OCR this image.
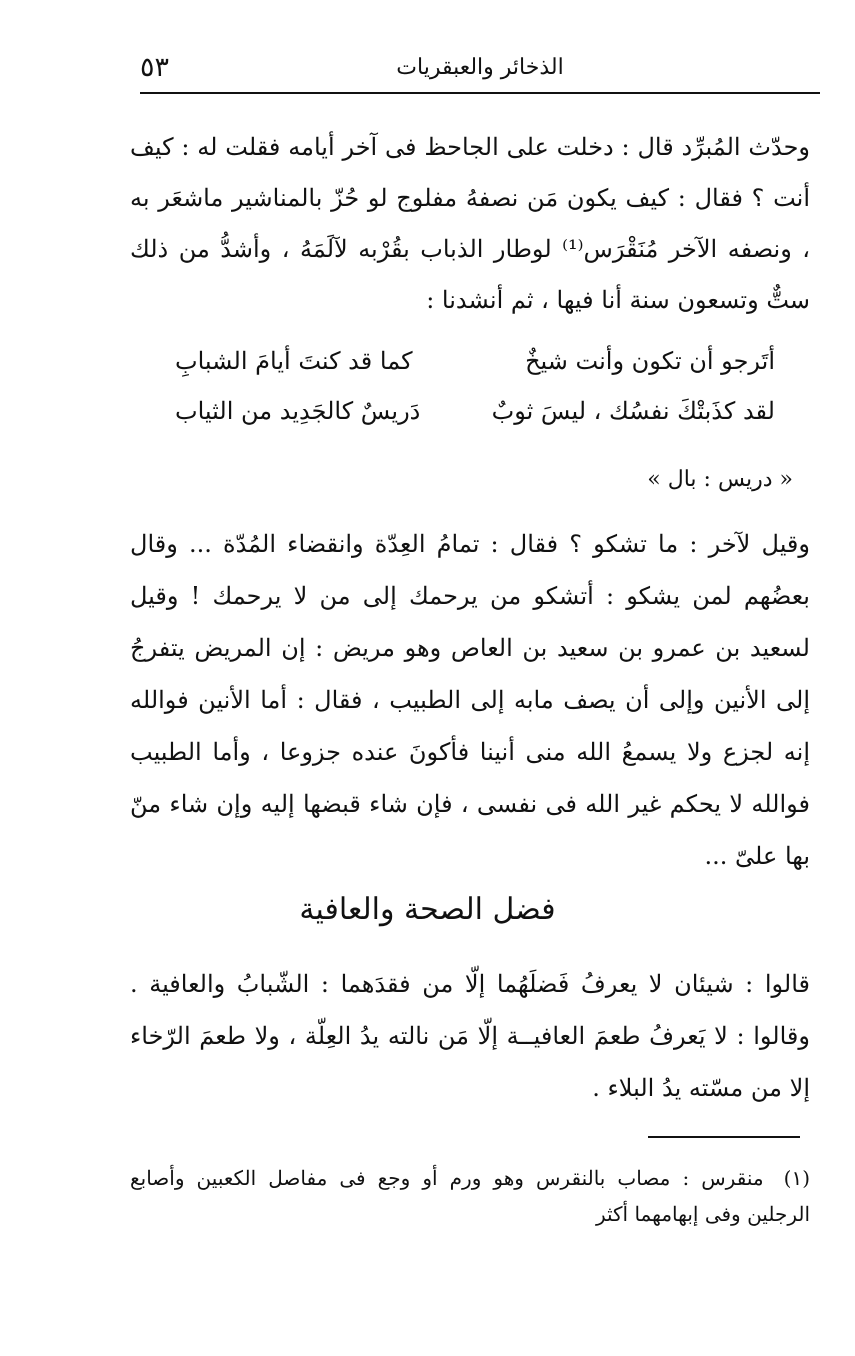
الذخائر والعبقريات
٥٣
وحدّث المُبرِّد قال : دخلت على الجاحظ فى آخر أيامه فقلت له : كيف أنت ؟ فقال : كيف يكون مَن نصفهُ مفلوج لو حُزّ بالمناشير ماشعَر به ، ونصفه الآخر مُنَقْرَس⁽¹⁾ لوطار الذباب بقُرْبه لآلَمَهُ ، وأشدُّ من ذلك ستٌّ وتسعون سنة أنا فيها ، ثم أنشدنا :
أتَرجو أن تكون وأنت شيخٌ
كما قد كنتَ أيامَ الشبابِ
لقد كذَبتْكَ نفسُك ، ليسَ ثوبٌ
دَريسٌ كالجَدِيد من الثياب
« دريس : بال »
وقيل لآخر : ما تشكو ؟ فقال : تمامُ العِدّة وانقضاء المُدّة ... وقال بعضُهم لمن يشكو : أتشكو من يرحمك إلى من لا يرحمك ! وقيل لسعيد بن عمرو بن سعيد بن العاص وهو مريض : إن المريض يتفرجُ إلى الأنين وإلى أن يصف مابه إلى الطبيب ، فقال : أما الأنين فوالله إنه لجزع ولا يسمعُ الله منى أنينا فأكونَ عنده جزوعا ، وأما الطبيب فوالله لا يحكم غير الله فى نفسى ، فإن شاء قبضها إليه وإن شاء منّ بها علىّ ...
فضل الصحة والعافية
قالوا : شيئان لا يعرفُ فَضلَهُما إلّا من فقدَهما : الشّبابُ والعافية . وقالوا : لا يَعرفُ طعمَ العافيــة إلّا مَن نالته يدُ العِلّة ، ولا طعمَ الرّخاء إلا من مسّته يدُ البلاء .
(١) منقرس : مصاب بالنقرس وهو ورم أو وجع فى مفاصل الكعبين وأصابع الرجلين وفى إبهامهما أكثر
